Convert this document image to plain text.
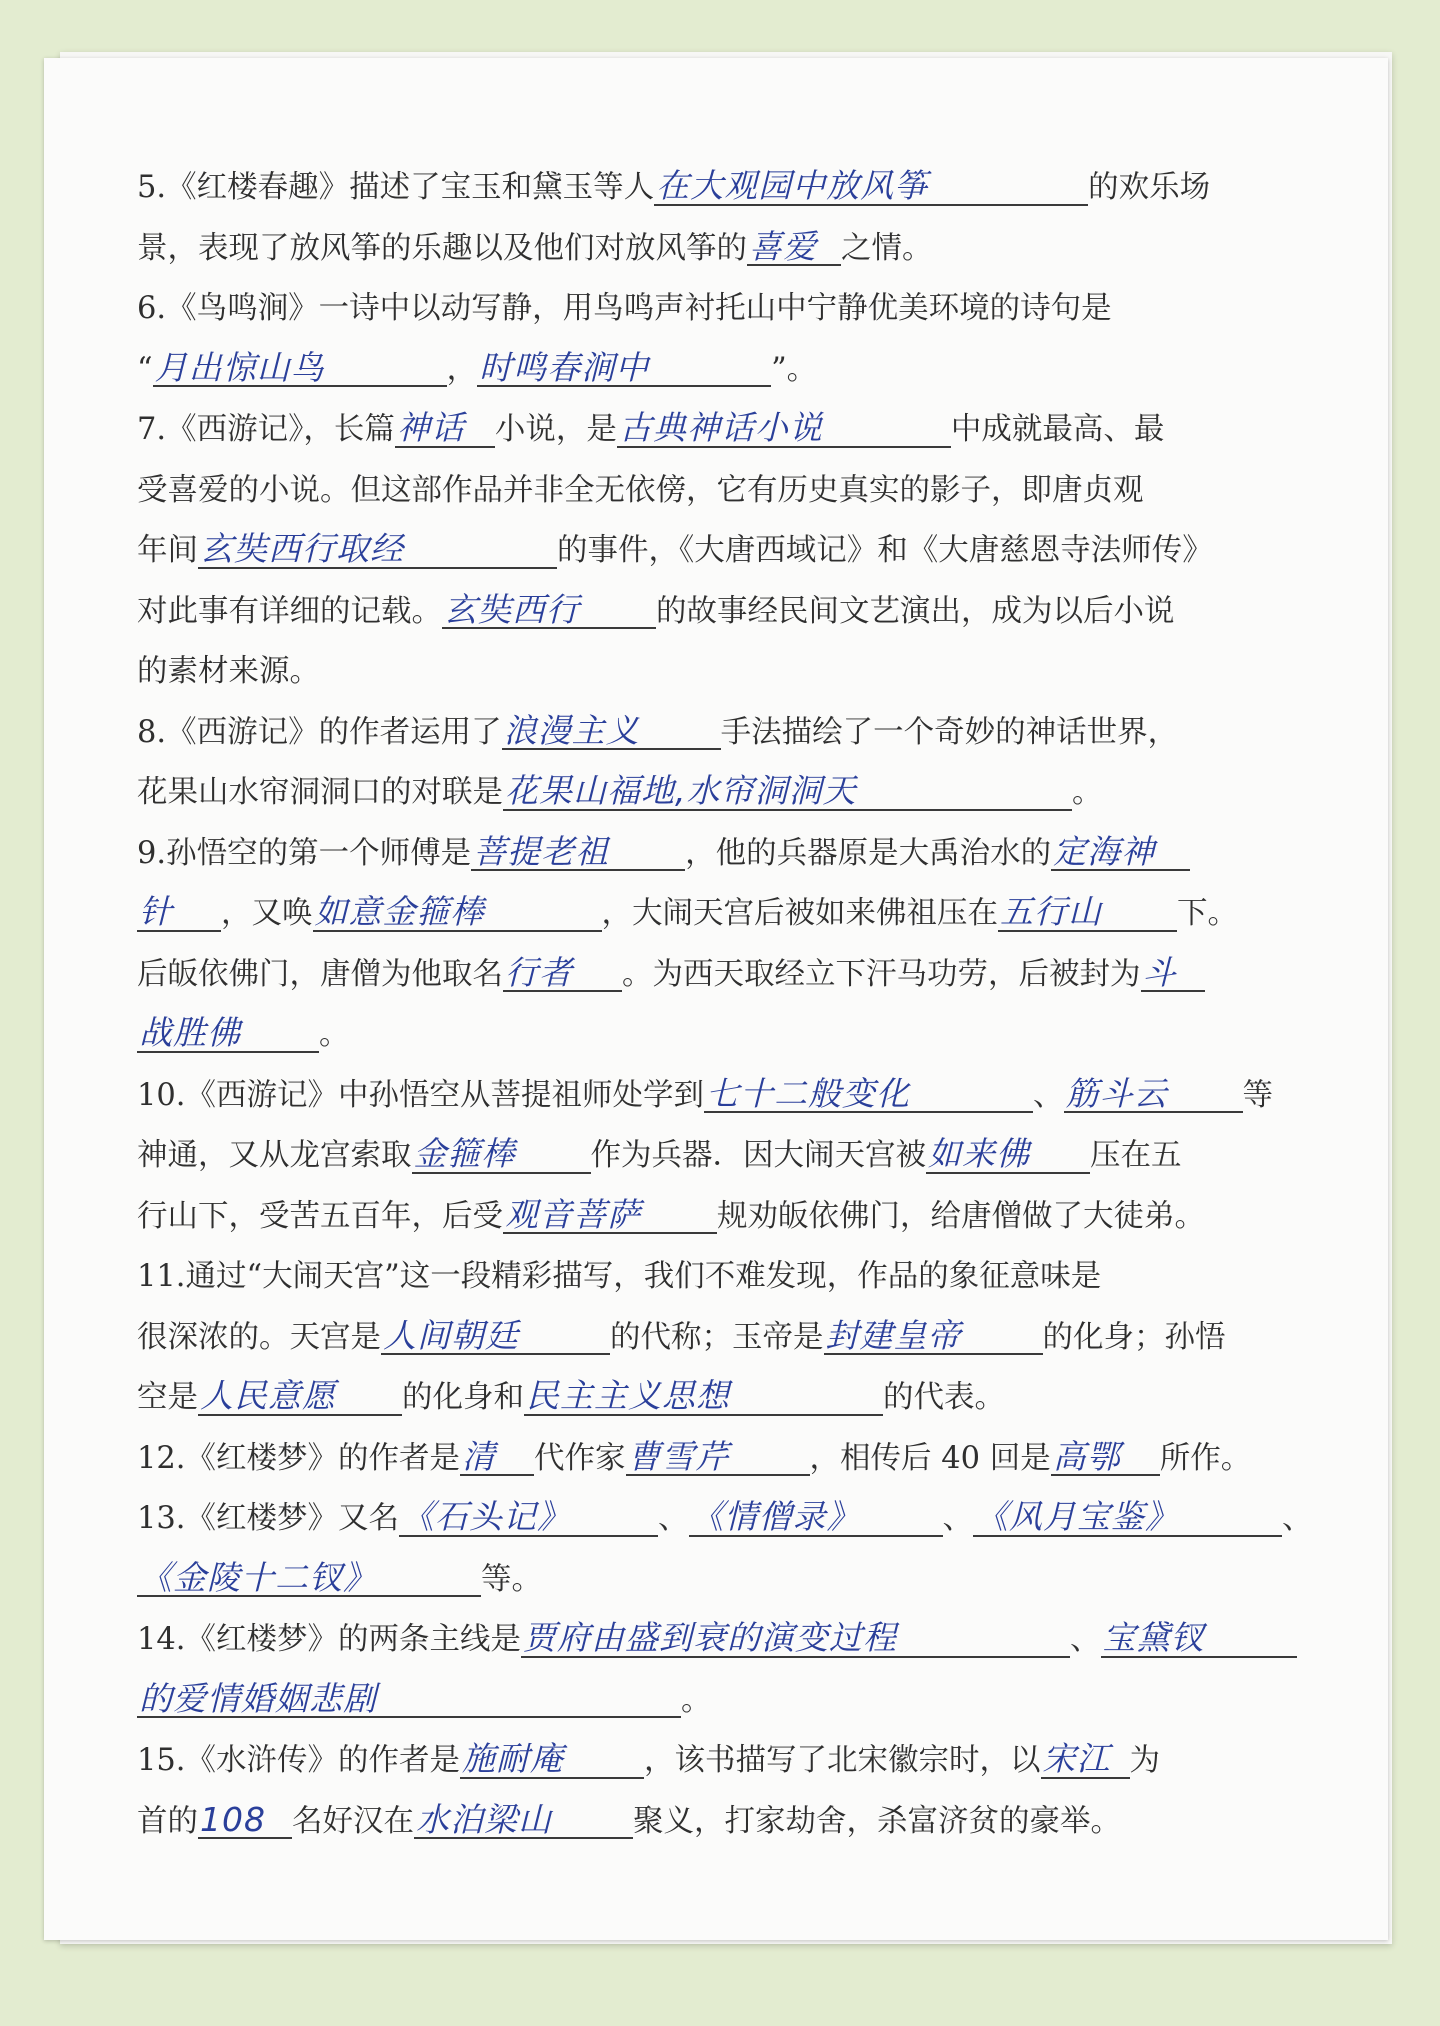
5.《红楼春趣》描述了宝玉和黛玉等人在大观园中放风筝	的欢乐场
景，表现了放风筝的乐趣以及他们对放风筝的喜爱 之情。
6.《鸟鸣涧》一诗中以动写静，用鸟鸣声衬托山中宁静优美环境的诗句是
“月出惊山鸟	，时鸣春涧中	”。
7.《西游记》，长篇神话 小说，是古典神话小说	中成就最高、最
受喜爱的小说。但这部作品并非全无依傍，它有历史真实的影子，即唐贞观
年间玄奘西行取经	的事件，《大唐西域记》和《大唐慈恩寺法师传》
对此事有详细的记载。玄奘西行 的故事经民间文艺演出，成为以后小说
的素材来源。
8.《西游记》的作者运用了浪漫主义	手法描绘了一个奇妙的神话世界，
花果山水帘洞洞口的对联是花果山福地,水帘洞洞天	。
9.孙悟空的第一个师傅是菩提老祖 ，他的兵器原是大禹治水的定海神
针 ，又唤如意金箍棒	，大闹天宫后被如来佛祖压在五行山 下。
后皈依佛门，唐僧为他取名行者 。为西天取经立下汗马功劳，后被封为斗
战胜佛	。
10.《西游记》中孙悟空从菩提祖师处学到七十二般变化	、筋斗云 等
神通，又从龙宫索取金箍棒 作为兵器．因大闹天宫被如来佛 压在五
行山下，受苦五百年，后受观音菩萨 规劝皈依佛门，给唐僧做了大徒弟。
11.通过“大闹天宫”这一段精彩描写，我们不难发现，作品的象征意味是
很深浓的。天宫是人间朝廷	的代称；玉帝是封建皇帝	的化身；孙悟
空是人民意愿 的化身和民主主义思想	的代表。
12.《红楼梦》的作者是清 代作家曹雪芹	，相传后 40 回是高鄂 所作。
13.《红楼梦》又名《石头记》	、《情僧录》	、《风月宝鉴》	、
《金陵十二钗》	等。
14.《红楼梦》的两条主线是贾府由盛到衰的演变过程	、宝黛钗
的爱情婚姻悲剧	。
15.《水浒传》的作者是施耐庵	，该书描写了北宋徽宗时，以宋江 为
首的108 名好汉在水泊梁山	聚义，打家劫舍，杀富济贫的豪举。
